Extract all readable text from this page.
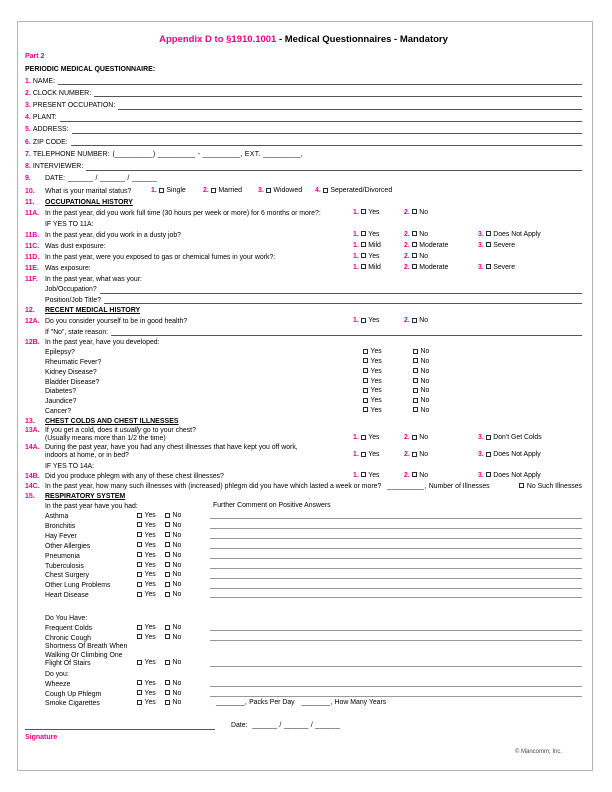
Appendix D to §1910.1001 - Medical Questionnaires - Mandatory
Part 2
PERIODIC MEDICAL QUESTIONNAIRE:
1. NAME:
2. CLOCK NUMBER:
3. PRESENT OCCUPATION:
4. PLANT:
5. ADDRESS:
6. ZIP CODE:
7. TELEPHONE NUMBER: (_________) _________ - _________, EXT. _________,
8. INTERVIEWER:
9.	DATE: ______ / ______ / ______
10.	What is your marital status?	1. Single	2. Married	3. Widowed	4. Seperated/Divorced
11.	OCCUPATIONAL HISTORY
11A. In the past year, did you work full time (30 hours per week or more) for 6 months or more?:	1. Yes	2. No
IF YES TO 11A:
11B. In the past year, did you work in a dusty job?	1. Yes	2. No	3. Does Not Apply
11C. Was dust exposure:	1. Mild	2. Moderate	3. Severe
11D. In the past year, were you exposed to gas or chemical fumes in your work?:	1. Yes	2. No
11E. Was exposure:	1. Mild	2. Moderate	3. Severe
11F.	In the past year, what was your:
Job/Occupation?
Position/Job Title?
12.	RECENT MEDICAL HISTORY
12A. Do you consider yourself to be in good health?	1. Yes	2. No
If "No", state reason:
12B. In the past year, have you developed:
Epilepsy?	Yes	No
Rheumatic Fever?	Yes	No
Kidney Disease?	Yes	No
Bladder Disease?	Yes	No
Diabetes?	Yes	No
Jaundice?	Yes	No
Cancer?	Yes	No
13.	CHEST COLDS AND CHEST ILLNESSES
13A. If you get a cold, does it usually go to your chest?
(Usually means more than 1/2 the time)	1. Yes	2. No	3. Don't Get Colds
14A. During the past year, have you had any chest illnesses that have kept you off work,
indoors at home, or in bed?	1. Yes	2. No	3. Does Not Apply
IF YES TO 14A:
14B. Did you produce phlegm with any of these chest illnesses?	1. Yes	2. No	3. Does Not Apply
14C. In the past year, how many such illnesses with (increased) phlegm did you have which lasted a week or more? _________, Number of Illnesses	No Such Illnesses
15.	RESPIRATORY SYSTEM
In the past year have you had:	Further Comment on Positive Answers
Asthma	Yes	No
Bronchitis	Yes	No
Hay Fever	Yes	No
Other Allergies	Yes	No
Pneumonia	Yes	No
Tuberculosis	Yes	No
Chest Surgery	Yes	No
Other Lung Problems	Yes	No
Heart Disease	Yes	No
Do You Have:
Frequent Colds	Yes	No
Chronic Cough	Yes	No
Shortness Of Breath When
Walking Or Climbing One
Flight Of Stairs	Yes	No
Do you:
Wheeze	Yes	No
Cough Up Phlegm	Yes	No
Smoke Cigarettes	Yes	No	_______, Packs Per Day _______, How Many Years
Date: ______ / ______ / ______
Signature
© Mancomm, Inc.
